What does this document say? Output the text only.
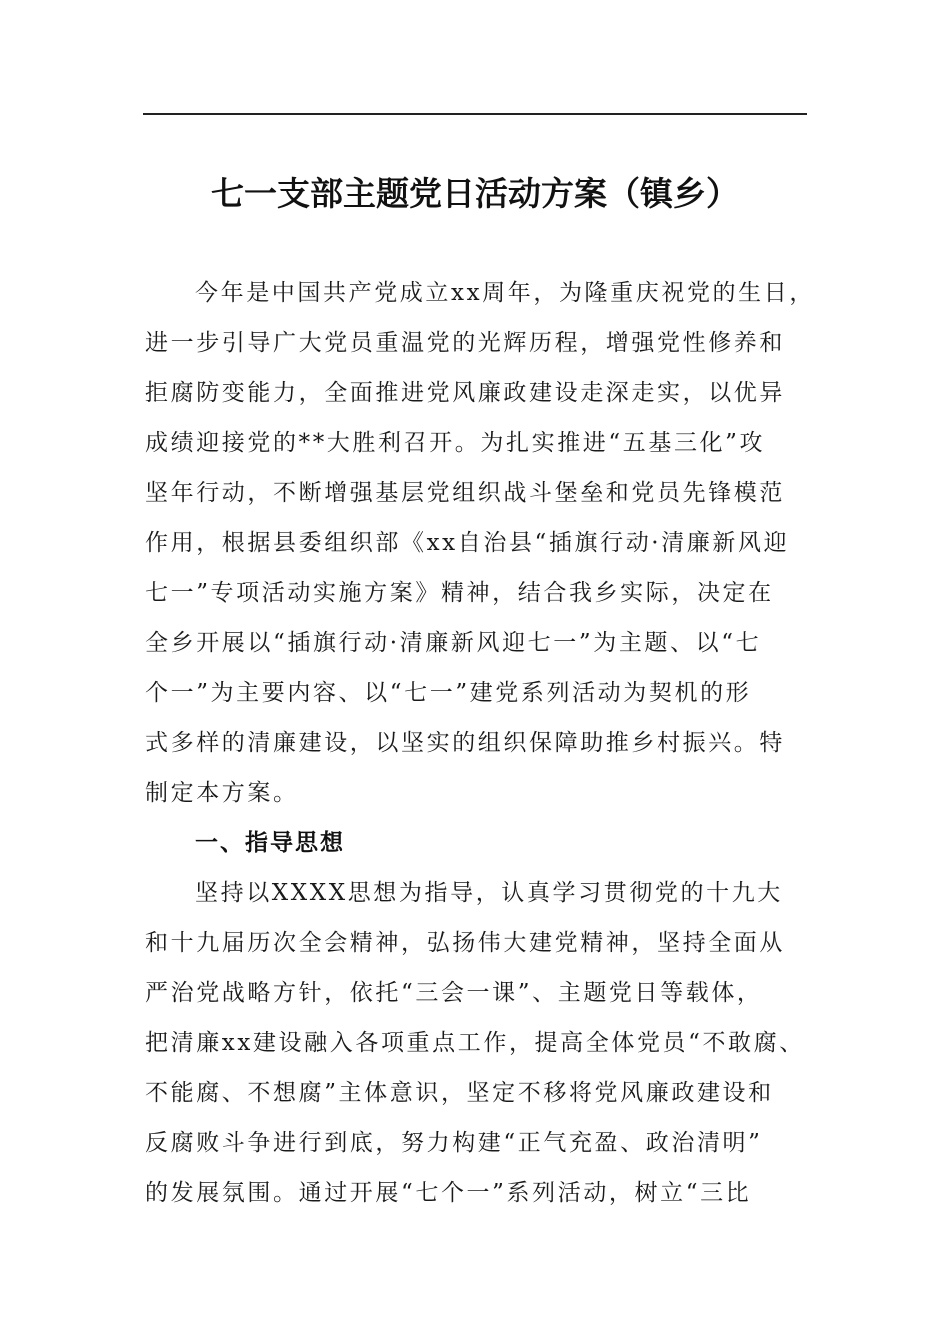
七一支部主题党日活动方案（镇乡）
今年是中国共产党成立xx周年，为隆重庆祝党的生日，
进一步引导广大党员重温党的光辉历程，增强党性修养和
拒腐防变能力，全面推进党风廉政建设走深走实，以优异
成绩迎接党的**大胜利召开。为扎实推进“五基三化”攻
坚年行动，不断增强基层党组织战斗堡垒和党员先锋模范
作用，根据县委组织部《xx自治县“插旗行动·清廉新风迎
七一”专项活动实施方案》精神，结合我乡实际，决定在
全乡开展以“插旗行动·清廉新风迎七一”为主题、以“七
个一”为主要内容、以“七一”建党系列活动为契机的形
式多样的清廉建设，以坚实的组织保障助推乡村振兴。特
制定本方案。
一、指导思想
坚持以XXXX思想为指导，认真学习贯彻党的十九大
和十九届历次全会精神，弘扬伟大建党精神，坚持全面从
严治党战略方针，依托“三会一课”、主题党日等载体，
把清廉xx建设融入各项重点工作，提高全体党员“不敢腐、
不能腐、不想腐”主体意识，坚定不移将党风廉政建设和
反腐败斗争进行到底，努力构建“正气充盈、政治清明”
的发展氛围。通过开展“七个一”系列活动，树立“三比
